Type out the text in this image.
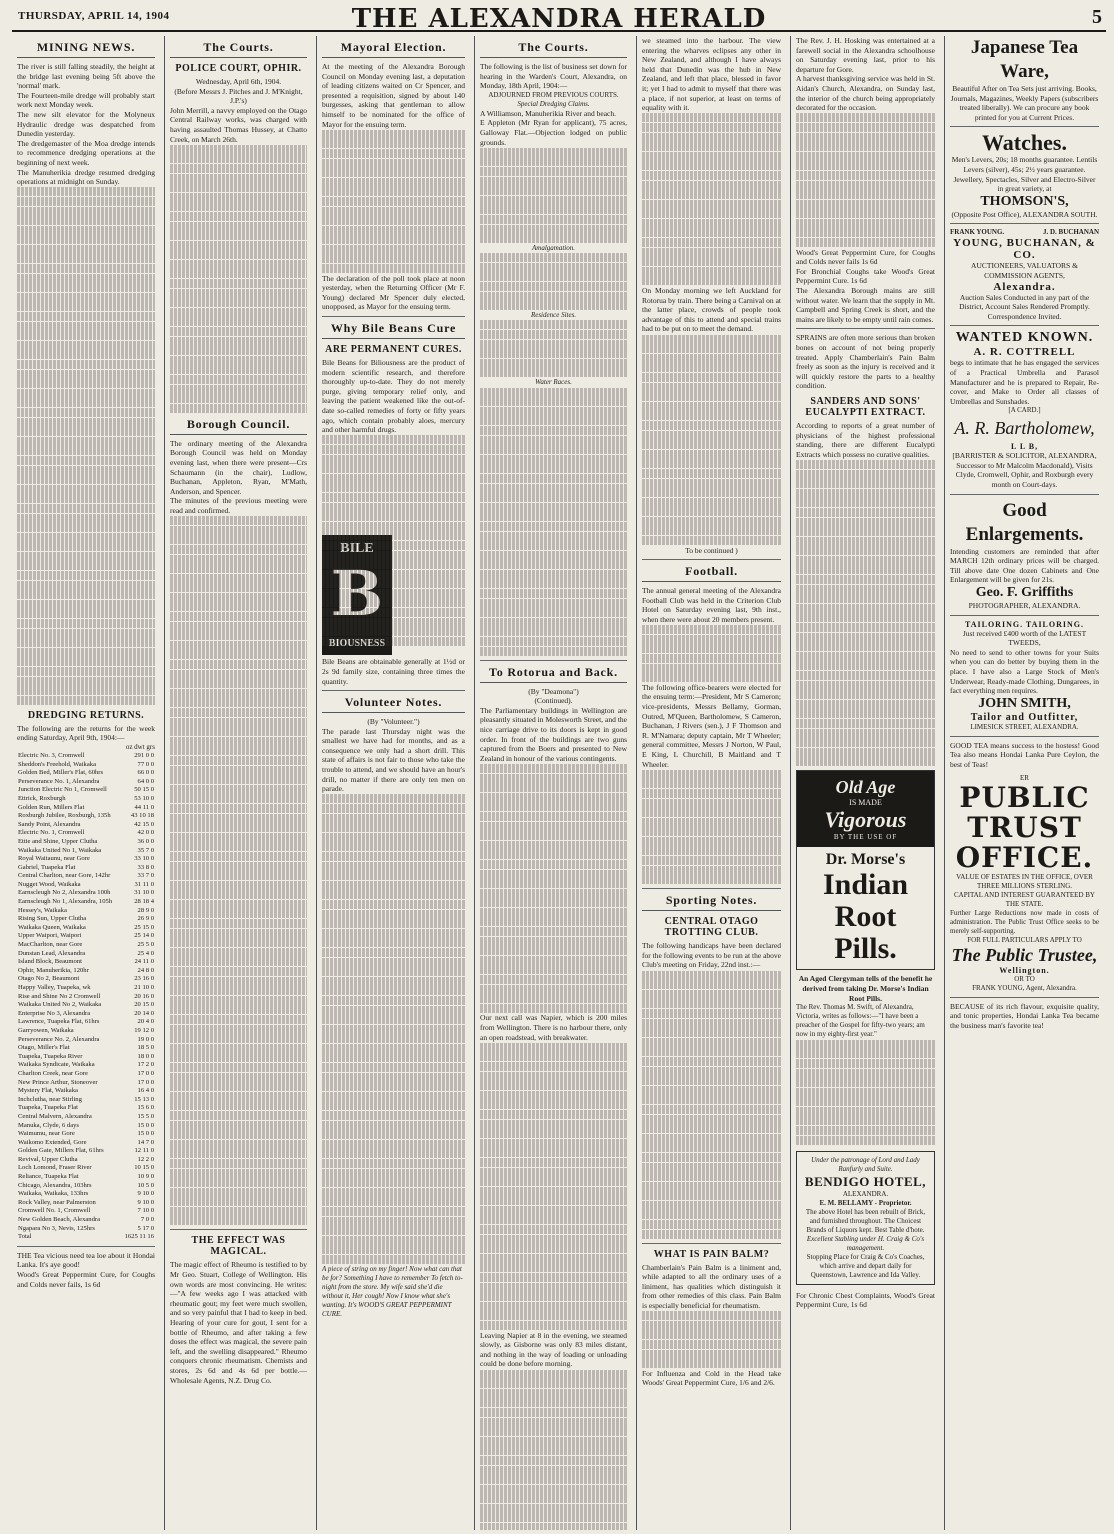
THURSDAY, APRIL 14, 1904	THE ALEXANDRA HERALD	5
MINING NEWS.

The river is still falling steadily, the height at the bridge last evening being 5ft above the 'normal' mark.

The Fourteen-mile dredge will probably start work next Monday week.

The new silt elevator for the Molyneux Hydraulic dredge was despatched from Dunedin yesterday.

The dredgemaster of the Moa dredge intends to recommence dredging operations at the beginning of next week.

The Manuherikia dredge resumed dredging operations at midnight on Sunday.

DREDGING RETURNS.

The following are the returns for the week ending Saturday, April 9th, 1904:—

oz dwt grs
Electric No. 3, Cromwell	291 0 0
Sheddon's Freehold, Waikaka	77 0 0
Golden Bed, Miller's Flat, 60hrs	66 0 0
Perseverance No. 1, Alexandra	64 0 0
Junction Electric No 1, Cromwell	50 15 0
Ettrick, Roxburgh	53 10 0
Golden Run, Millers Flat	44 11 0
Roxburgh Jubilee, Roxburgh, 135h	43 10 18
Sandy Point, Alexandra	42 15 0
Electric No. 1, Cromwell	42 0 0
Ettie and Shine, Upper Clutha	36 0 0
Waikaka United No 1, Waikaka	35 7 0
Royal Waitaunu, near Gore	33 10 0
Gabriel, Tuapeka Flat	33 8 0
Central Charlton, near Gore, 142hr	33 7 0
Nugget Wood, Waikaka	31 11 0
Earnscleugh No 2, Alexandra 100h	31 10 0
Earnscleugh No 1, Alexandra, 105h	28 18 4
Hessey's, Waikaka	28 9 0
Rising Sun, Upper Clutha	26 9 0
Waikaka Queen, Waikaka	25 15 0
Upper Waipori, Waipori	25 14 0
MacCharlton, near Gore	25 5 0
Dunstan Lead, Alexandra	25 4 0
Island Block, Beaumont	24 11 0
Ophir, Manuherikia, 120hr	24 8 0
Otago No 2, Beaumont	23 16 0
Happy Valley, Tuapeka, wk	21 10 0
Rise and Shine No 2 Cromwell	20 16 0
Waikaka United No 2, Waikaka	20 15 0
Enterprise No 3, Alexandra	20 14 0
Lawrence, Tuapeka Flat, 61hrs	20 4 0
Garryowen, Waikaka	19 12 0
Perseverance No. 2, Alexandra	19 0 0
Otago, Miller's Flat	18 5 0
Tuapeka, Tuapeka River	18 0 0
Waikaka Syndicate, Waikaka	17 2 0
Charlton Creek, near Gore	17 0 0
New Prince Arthur, Stoneover	17 0 0
Mystery Flat, Waikaka	16 4 0
Inchclutha, near Stirling	15 13 0
Tuapeka, Tuapeka Flat	15 6 0
Central Malvern, Alexandra	15 5 0
Manuka, Clyde, 6 days	15 0 0
Waimumu, near Gore	15 0 0
Waikomo Extended, Gore	14 7 0
Golden Gate, Millers Flat, 61hrs	12 11 0
Revival, Upper Clutha	12 2 0
Loch Lomond, Fraser River	10 15 0
Reliance, Tuapeka Flat	10 9 0
Chicago, Alexandra, 103hrs	10 5 0
Waikaka, Waikaka, 133hrs	9 10 0
Rock Valley, near Palmerston	9 10 0
Cromwell No. 1, Cromwell	7 10 0
New Golden Beach, Alexandra	7 0 0
Ngapara No 3, Nevis, 125hrs	5 17 0
Total	1625 11 16

THE Tea vicious need tea loe about it Hondai Lanka. It's aye good!

Wood's Great Peppermint Cure, for Coughs and Colds never fails, 1s 6d

The Courts.
POLICE COURT, OPHIR.

Wednesday, April 6th, 1904.

(Before Messrs J. Pitches and J. M'Knight, J.P.'s)

John Merrill, a navvy employed on the Otago Central Railway works, was charged with having assaulted Thomas Hussey, at Chatto Creek, on March 26th.

Borough Council.

The ordinary meeting of the Alexandra Borough Council was held on Monday evening last, when there were present—Crs Schaumann (in the chair), Ludlow, Buchanan, Appleton, Ryan, M'Math, Anderson, and Spencer.

The minutes of the previous meeting were read and confirmed.

THE EFFECT WAS MAGICAL.

The magic effect of Rheumo is testified to by Mr Geo. Stuart, College of Wellington. His own words are most convincing. He writes:—"A few weeks ago I was attacked with rheumatic gout; my feet were much swollen, and so very painful that I had to keep in bed. Hearing of your cure for gout, I sent for a bottle of Rheumo, and after taking a few doses the effect was magical, the severe pain left, and the swelling disappeared." Rheumo conquers chronic rheumatism. Chemists and stores, 2s 6d and 4s 6d per bottle.—Wholesale Agents, N.Z. Drug Co.

Mayoral Election.

At the meeting of the Alexandra Borough Council on Monday evening last, a deputation of leading citizens waited on Cr Spencer, and presented a requisition, signed by about 140 burgesses, asking that gentleman to allow himself to be nominated for the office of Mayor for the ensuing term.

The declaration of the poll took place at noon yesterday, when the Returning Officer (Mr F. Young) declared Mr Spencer duly elected, unopposed, as Mayor for the ensuing term.

Why Bile Beans Cure
ARE PERMANENT CURES.

Bile Beans for Biliousness are the product of modern scientific research, and therefore thoroughly up-to-date. They do not merely purge, giving temporary relief only, and leaving the patient weakened like the out-of-date so-called remedies of forty or fifty years ago, which contain probably aloes, mercury and other harmful drugs.

BILE
B
BIOUSNESS

Bile Beans are obtainable generally at 1½d or 2s 9d family size, containing three times the quantity.

Volunteer Notes.

(By "Volunteer.")

The parade last Thursday night was the smallest we have had for months, and as a consequence we only had a short drill. This state of affairs is not fair to those who take the trouble to attend, and we should have an hour's drill, no matter if there are only ten men on parade.

A piece of string on my finger! Now what can that be for? Something I have to remember To fetch to-night from the store. My wife said she'd die without it, Her cough! Now I know what she's wanting. It's WOOD'S GREAT PEPPERMINT CURE.

The Courts.

The following is the list of business set down for hearing in the Warden's Court, Alexandra, on Monday, 18th April, 1904:—

ADJOURNED FROM PREVIOUS COURTS.

Special Dredging Claims.

A Williamson, Manuherikia River and beach.

E Appleton (Mr Ryan for applicant), 75 acres, Galloway Flat.—Objection lodged on public grounds.

Amalgamation.

Residence Sites.

Water Races.

To Rotorua and Back.

(By "Deamona")

(Continued).

The Parliamentary buildings in Wellington are pleasantly situated in Molesworth Street, and the nice carriage drive to its doors is kept in good order. In front of the buildings are two guns captured from the Boers and presented to New Zealand in honour of the various contingents.

Our next call was Napier, which is 200 miles from Wellington. There is no harbour there, only an open roadstead, with breakwater.

Leaving Napier at 8 in the evening, we steamed slowly, as Gisborne was only 83 miles distant, and nothing in the way of loading or unloading could be done before morning.

we steamed into the harbour. The view entering the wharves eclipses any other in New Zealand, and although I have always held that Dunedin was the hub in New Zealand, and left that place, blessed in favor it; yet I had to admit to myself that there was a place, if not superior, at least on terms of equality with it.

On Monday morning we left Auckland for Rotorua by train. There being a Carnival on at the latter place, crowds of people took advantage of this to attend and special trains had to be put on to meet the demand.

To be continued )

Football.

The annual general meeting of the Alexandra Football Club was held in the Criterion Club Hotel on Saturday evening last, 9th inst., when there were about 20 members present.

The following office-bearers were elected for the ensuing term:—President, Mr S Cameron; vice-presidents, Messrs Bellamy, Gorman, Outred, M'Queen, Bartholomew, S Cameron, Buchanan, J Rivers (sen.), J F Thomson and R. M'Namara; deputy captain, Mr T Wheeler; general committee, Messrs J Norton, W Paul, E King, L Churchill, B Maitland and T Wheeler.

Sporting Notes.
CENTRAL OTAGO TROTTING CLUB.

The following handicaps have been declared for the following events to be run at the above Club's meeting on Friday, 22nd inst.:—

WHAT IS PAIN BALM?

Chamberlain's Pain Balm is a liniment and, while adapted to all the ordinary uses of a liniment, has qualities which distinguish it from other remedies of this class. Pain Balm is especially beneficial for rheumatism.

For Influenza and Cold in the Head take Woods' Great Peppermint Cure, 1/6 and 2/6.

The Rev. J. H. Hosking was entertained at a farewell social in the Alexandra schoolhouse on Saturday evening last, prior to his departure for Gore.

A harvest thanksgiving service was held in St. Aidan's Church, Alexandra, on Sunday last, the interior of the church being appropriately decorated for the occasion.

Wood's Great Peppermint Cure, for Coughs and Colds never fails 1s 6d

For Bronchial Coughs take Wood's Great Peppermint Cure. 1s 6d

The Alexandra Borough mains are still without water. We learn that the supply in Mt. Campbell and Spring Creek is short, and the mains are likely to be empty until rain comes.

SPRAINS are often more serious than broken bones on account of not being properly treated. Apply Chamberlain's Pain Balm freely as soon as the injury is received and it will quickly restore the parts to a healthy condition.

SANDERS AND SONS' EUCALYPTI EXTRACT.

According to reports of a great number of physicians of the highest professional standing, there are different Eucalypti Extracts which possess no curative qualities.

Old Age
IS MADE
Vigorous
BY THE USE OF
Dr. Morse's
Indian Root
Pills.

An Aged Clergyman tells of the benefit he derived from taking Dr. Morse's Indian Root Pills.

The Rev. Thomas M. Swift, of Alexandra, Victoria, writes as follows:—"I have been a preacher of the Gospel for fifty-two years; am now in my eighty-first year."

Under the patronage of Lord and Lady Ranfurly and Suite.

BENDIGO HOTEL,

ALEXANDRA.

E. M. BELLAMY - Proprietor.

The above Hotel has been rebuilt of Brick, and furnished throughout. The Choicest Brands of Liquors kept. Best Table d'hote.

Excellent Stabling under H. Craig & Co's management.

Stopping Place for Craig & Co's Coaches, which arrive and depart daily for Queenstown, Lawrence and Ida Valley.

For Chronic Chest Complaints, Wood's Great Peppermint Cure, 1s 6d

Japanese Tea Ware,

Beautiful After on Tea Sets just arriving. Books, Journals, Magazines, Weekly Papers (subscribers treated liberally). We can procure any book printed for you at Current Prices.

Watches.

Men's Levers, 20s; 18 months guarantee. Lentils Levers (silver), 45s; 2½ years guarantee. Jewellery, Spectacles, Silver and Electro-Silver in great variety, at

THOMSON'S,

(Opposite Post Office), ALEXANDRA SOUTH.

FRANK YOUNG.	J. D. BUCHANAN
YOUNG, BUCHANAN, & CO.

AUCTIONEERS, VALUATORS & COMMISSION AGENTS,

Alexandra.

Auction Sales Conducted in any part of the District, Account Sales Rendered Promptly.

Correspondence Invited.

WANTED KNOWN.
A. R. COTTRELL

begs to intimate that he has engaged the services of a Practical Umbrella and Parasol Manufacturer and he is prepared to Repair, Re-cover, and Make to Order all classes of Umbrellas and Sunshades.

[A CARD.]

A. R. Bartholomew,
L L B,

[BARRISTER & SOLICITOR, ALEXANDRA,

Successor to Mr Malcolm Macdonald), Visits Clyde, Cromwell, Ophir, and Roxburgh every month on Court-days.

Good Enlargements.

Intending customers are reminded that after MARCH 12th ordinary prices will be charged. Till above date One dozen Cabinets and One Enlargement will be given for 21s.

Geo. F. Griffiths

PHOTOGRAPHER, ALEXANDRA.

TAILORING. TAILORING.

Just received £400 worth of the LATEST TWEEDS,

No need to send to other towns for your Suits when you can do better by buying them in the place. I have also a Large Stock of Men's Underwear, Ready-made Clothing, Dungarees, in fact everything men requires.

JOHN SMITH,
Tailor and Outfitter,

LIMESICK STREET, ALEXANDRA.

GOOD TEA means success to the hostess! Good Tea also means Hondai Lanka Pure Ceylon, the best of Teas!

ER
PUBLIC TRUST OFFICE.

VALUE OF ESTATES IN THE OFFICE, OVER THREE MILLIONS STERLING.

CAPITAL AND INTEREST GUARANTEED BY THE STATE.

Further Large Reductions now made in costs of administration. The Public Trust Office seeks to be merely self-supporting.

FOR FULL PARTICULARS APPLY TO

The Public Trustee,
Wellington.

OR TO

FRANK YOUNG, Agent, Alexandra.

BECAUSE of its rich flavour, exquisite quality, and tonic properties, Hondai Lanka Tea became the business man's favorite tea!
